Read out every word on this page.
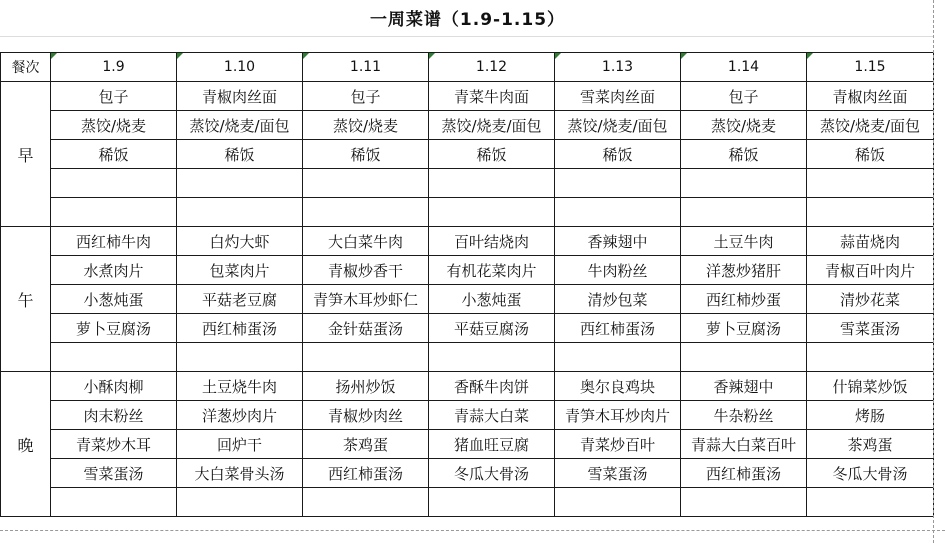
一周菜谱（1.9-1.15）
餐次	1.9	1.10	1.11	1.12	1.13	1.14	1.15
早	包子	青椒肉丝面	包子	青菜牛肉面	雪菜肉丝面	包子	青椒肉丝面
	蒸饺/烧麦	蒸饺/烧麦/面包	蒸饺/烧麦	蒸饺/烧麦/面包	蒸饺/烧麦/面包	蒸饺/烧麦	蒸饺/烧麦/面包
	稀饭	稀饭	稀饭	稀饭	稀饭	稀饭	稀饭

午	西红柿牛肉	白灼大虾	大白菜牛肉	百叶结烧肉	香辣翅中	土豆牛肉	蒜苗烧肉
	水煮肉片	包菜肉片	青椒炒香干	有机花菜肉片	牛肉粉丝	洋葱炒猪肝	青椒百叶肉片
	小葱炖蛋	平菇老豆腐	青笋木耳炒虾仁	小葱炖蛋	清炒包菜	西红柿炒蛋	清炒花菜
	萝卜豆腐汤	西红柿蛋汤	金针菇蛋汤	平菇豆腐汤	西红柿蛋汤	萝卜豆腐汤	雪菜蛋汤

晚	小酥肉柳	土豆烧牛肉	扬州炒饭	香酥牛肉饼	奥尔良鸡块	香辣翅中	什锦菜炒饭
	肉末粉丝	洋葱炒肉片	青椒炒肉丝	青蒜大白菜	青笋木耳炒肉片	牛杂粉丝	烤肠
	青菜炒木耳	回炉干	茶鸡蛋	猪血旺豆腐	青菜炒百叶	青蒜大白菜百叶	茶鸡蛋
	雪菜蛋汤	大白菜骨头汤	西红柿蛋汤	冬瓜大骨汤	雪菜蛋汤	西红柿蛋汤	冬瓜大骨汤
